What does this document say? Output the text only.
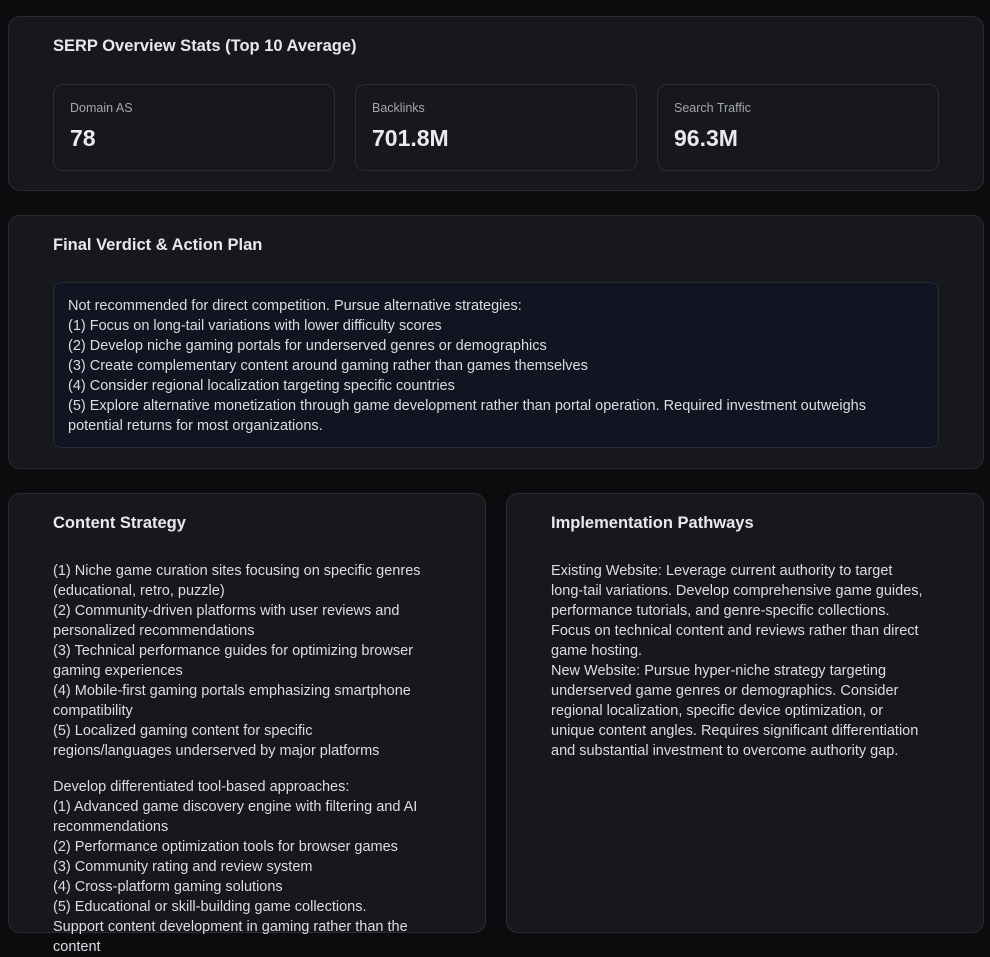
SERP Overview Stats (Top 10 Average)
Domain AS
78
Backlinks
701.8M
Search Traffic
96.3M
Final Verdict & Action Plan
Not recommended for direct competition. Pursue alternative strategies:
(1) Focus on long-tail variations with lower difficulty scores
(2) Develop niche gaming portals for underserved genres or demographics
(3) Create complementary content around gaming rather than games themselves
(4) Consider regional localization targeting specific countries
(5) Explore alternative monetization through game development rather than portal operation. Required investment outweighs
potential returns for most organizations.
Content Strategy
(1) Niche game curation sites focusing on specific genres
(educational, retro, puzzle)
(2) Community-driven platforms with user reviews and
personalized recommendations
(3) Technical performance guides for optimizing browser
gaming experiences
(4) Mobile-first gaming portals emphasizing smartphone
compatibility
(5) Localized gaming content for specific
regions/languages underserved by major platforms
Develop differentiated tool-based approaches:
(1) Advanced game discovery engine with filtering and AI
recommendations
(2) Performance optimization tools for browser games
(3) Community rating and review system
(4) Cross-platform gaming solutions
(5) Educational or skill-building game collections.
Support content development in gaming rather than the content
Implementation Pathways
Existing Website: Leverage current authority to target
long-tail variations. Develop comprehensive game guides,
performance tutorials, and genre-specific collections.
Focus on technical content and reviews rather than direct
game hosting.
New Website: Pursue hyper-niche strategy targeting
underserved game genres or demographics. Consider
regional localization, specific device optimization, or
unique content angles. Requires significant differentiation
and substantial investment to overcome authority gap.
